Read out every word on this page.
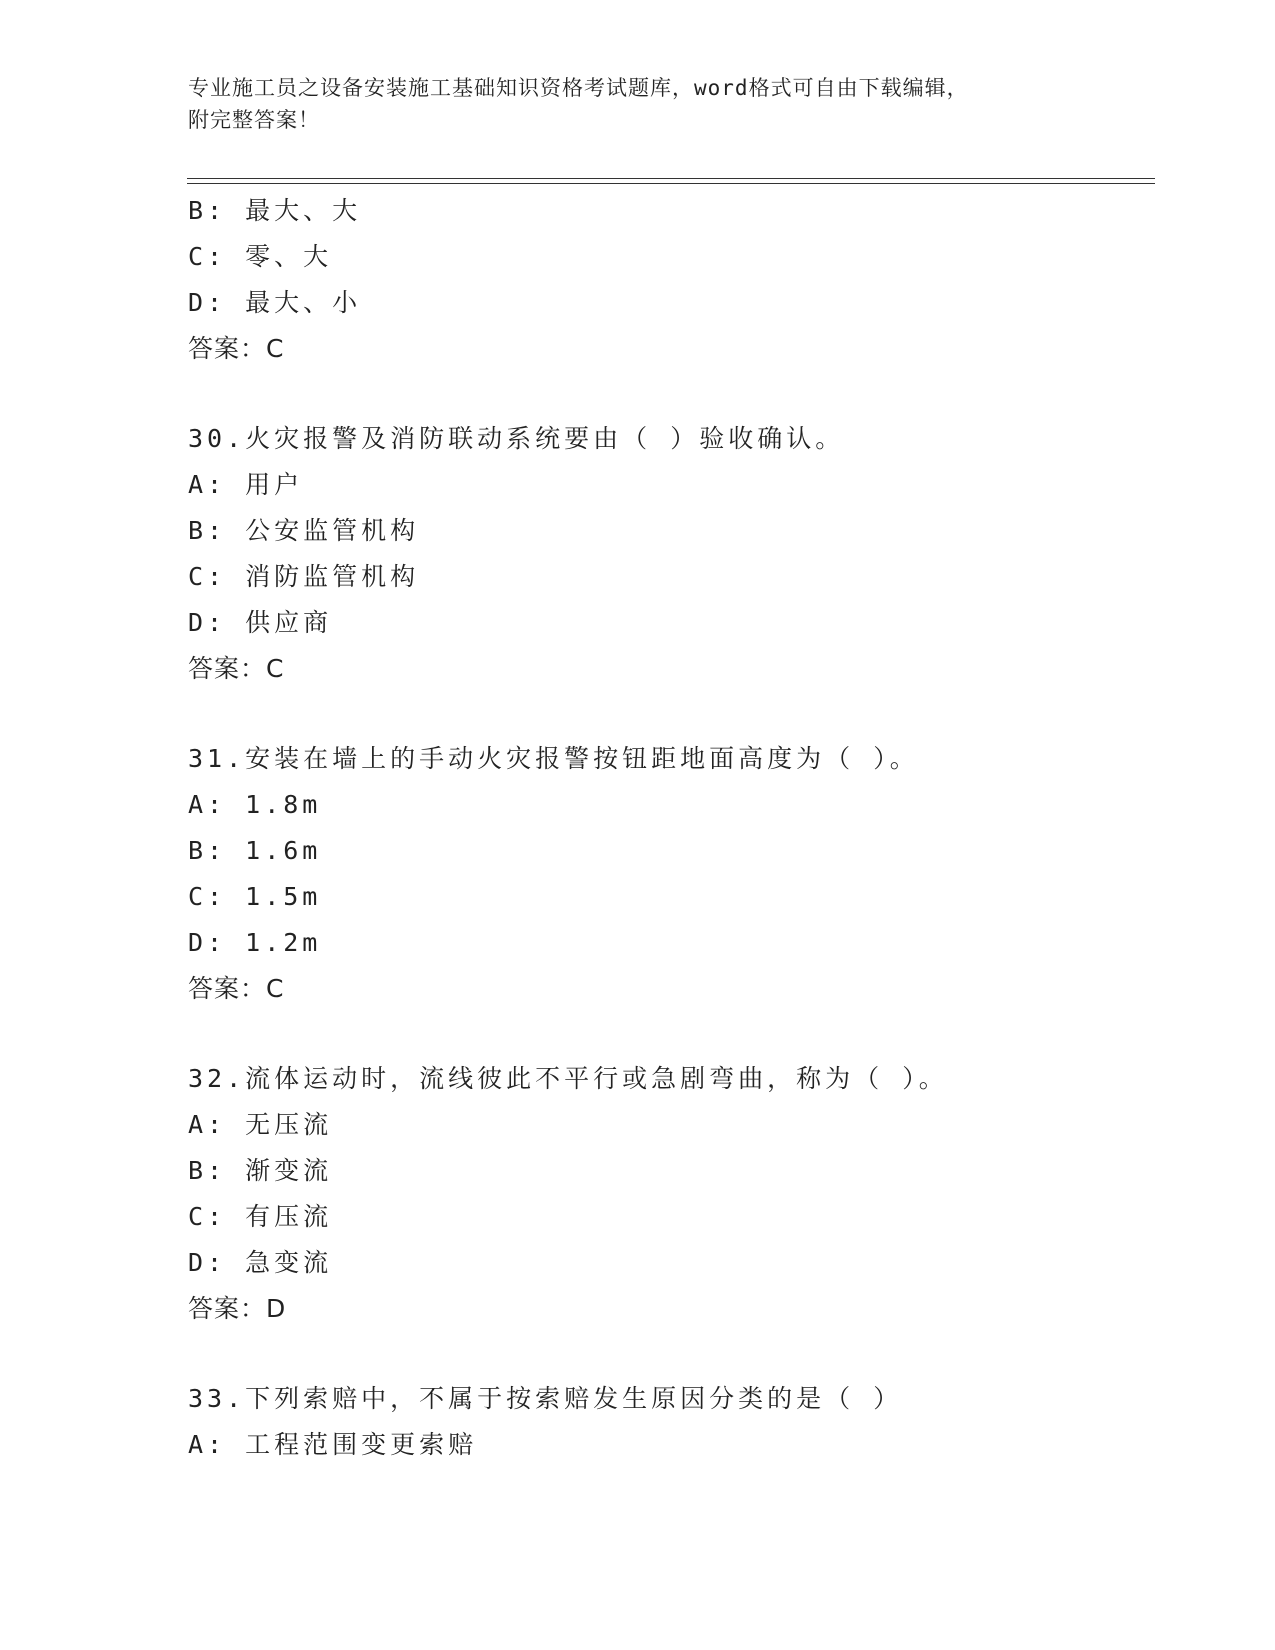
专业施工员之设备安装施工基础知识资格考试题库，word格式可自由下载编辑，
附完整答案！
B: 最大、大
C: 零、大
D: 最大、小
答案：C
30.火灾报警及消防联动系统要由（ ）验收确认。
A: 用户
B: 公安监管机构
C: 消防监管机构
D: 供应商
答案：C
31.安装在墙上的手动火灾报警按钮距地面高度为（ ）。
A: 1.8m
B: 1.6m
C: 1.5m
D: 1.2m
答案：C
32.流体运动时，流线彼此不平行或急剧弯曲，称为（ ）。
A: 无压流
B: 渐变流
C: 有压流
D: 急变流
答案：D
33.下列索赔中，不属于按索赔发生原因分类的是（ ）
A: 工程范围变更索赔
